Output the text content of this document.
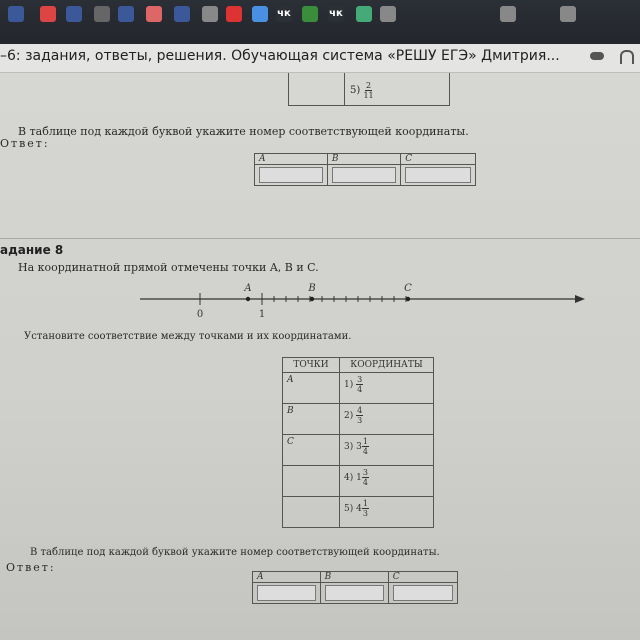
чк	чк
–6: задания, ответы, решения. Обучающая система «РЕШУ ЕГЭ» Дмитрия...
$5) \frac{2}{11}$
В таблице под каждой буквой укажите номер соответствующей координаты.
Ответ:
A	B	C

адание 8
На координатной прямой отмечены точки A, B и C.
0	1
A	B	C
Установите соответствие между точками и их координатами.
ТОЧКИ	КООРДИНАТЫ
A	$1) \frac{3}{4}$

B	$2) \frac{4}{3}$

C	3) $3 \frac{1}{4}$

	4) $1 \frac{3}{4}$

	5) $4 \frac{1}{3}$
В таблице под каждой буквой укажите номер соответствующей координаты.
Ответ:
A	B	C
